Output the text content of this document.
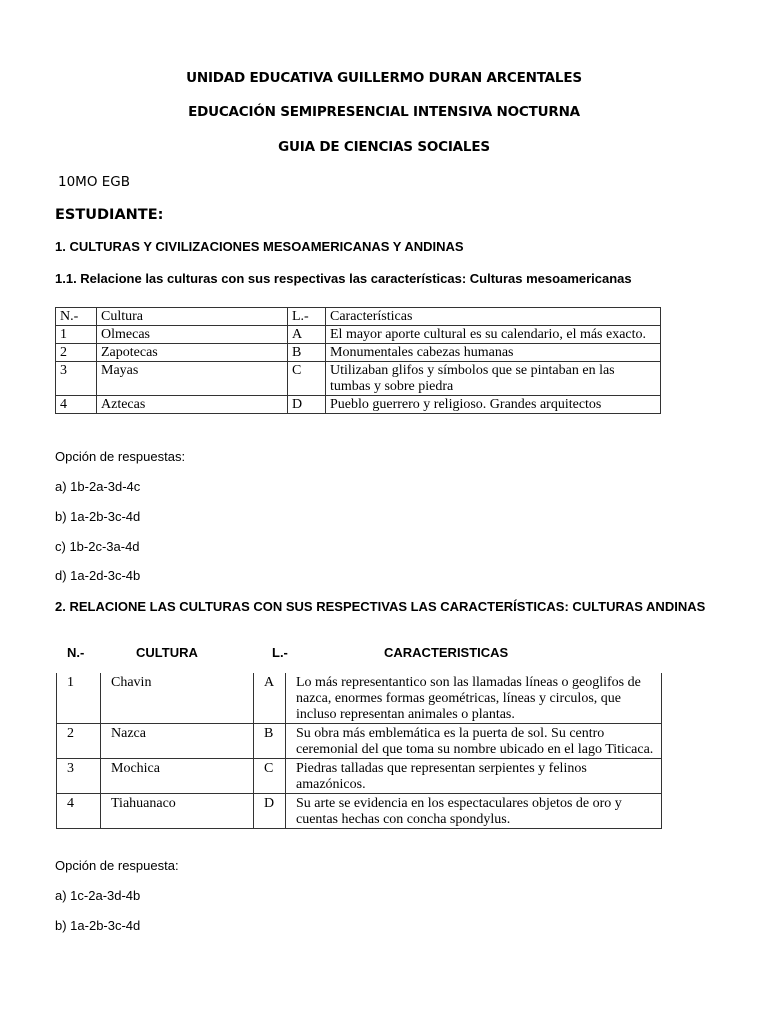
UNIDAD EDUCATIVA GUILLERMO DURAN ARCENTALES
EDUCACIÓN SEMIPRESENCIAL INTENSIVA NOCTURNA
GUIA DE CIENCIAS SOCIALES
10MO EGB
ESTUDIANTE:
1. CULTURAS Y CIVILIZACIONES MESOAMERICANAS Y ANDINAS
1.1. Relacione las culturas con sus respectivas las características: Culturas mesoamericanas
N.-	Cultura	L.-	Características
1	Olmecas	A	El mayor aporte cultural es su calendario, el más exacto.
2	Zapotecas	B	Monumentales cabezas humanas
3	Mayas	C	Utilizaban glifos y símbolos que se pintaban en las tumbas y sobre piedra
4	Aztecas	D	Pueblo guerrero y religioso. Grandes arquitectos
Opción de respuestas:
a) 1b-2a-3d-4c
b) 1a-2b-3c-4d
c) 1b-2c-3a-4d
d) 1a-2d-3c-4b
2. RELACIONE LAS CULTURAS CON SUS RESPECTIVAS LAS CARACTERÍSTICAS: CULTURAS ANDINAS
N.-	CULTURA	L.-	CARACTERISTICAS
1	Chavin	A	Lo más representantico son las llamadas líneas o geoglifos de nazca, enormes formas geométricas, líneas y circulos, que incluso representan animales o plantas.
2	Nazca	B	Su obra más emblemática es la puerta de sol. Su centro ceremonial del que toma su nombre ubicado en el lago Titicaca.
3	Mochica	C	Piedras talladas que representan serpientes y felinos amazónicos.
4	Tiahuanaco	D	Su arte se evidencia en los espectaculares objetos de oro y cuentas hechas con concha spondylus.
Opción de respuesta:
a) 1c-2a-3d-4b
b) 1a-2b-3c-4d
